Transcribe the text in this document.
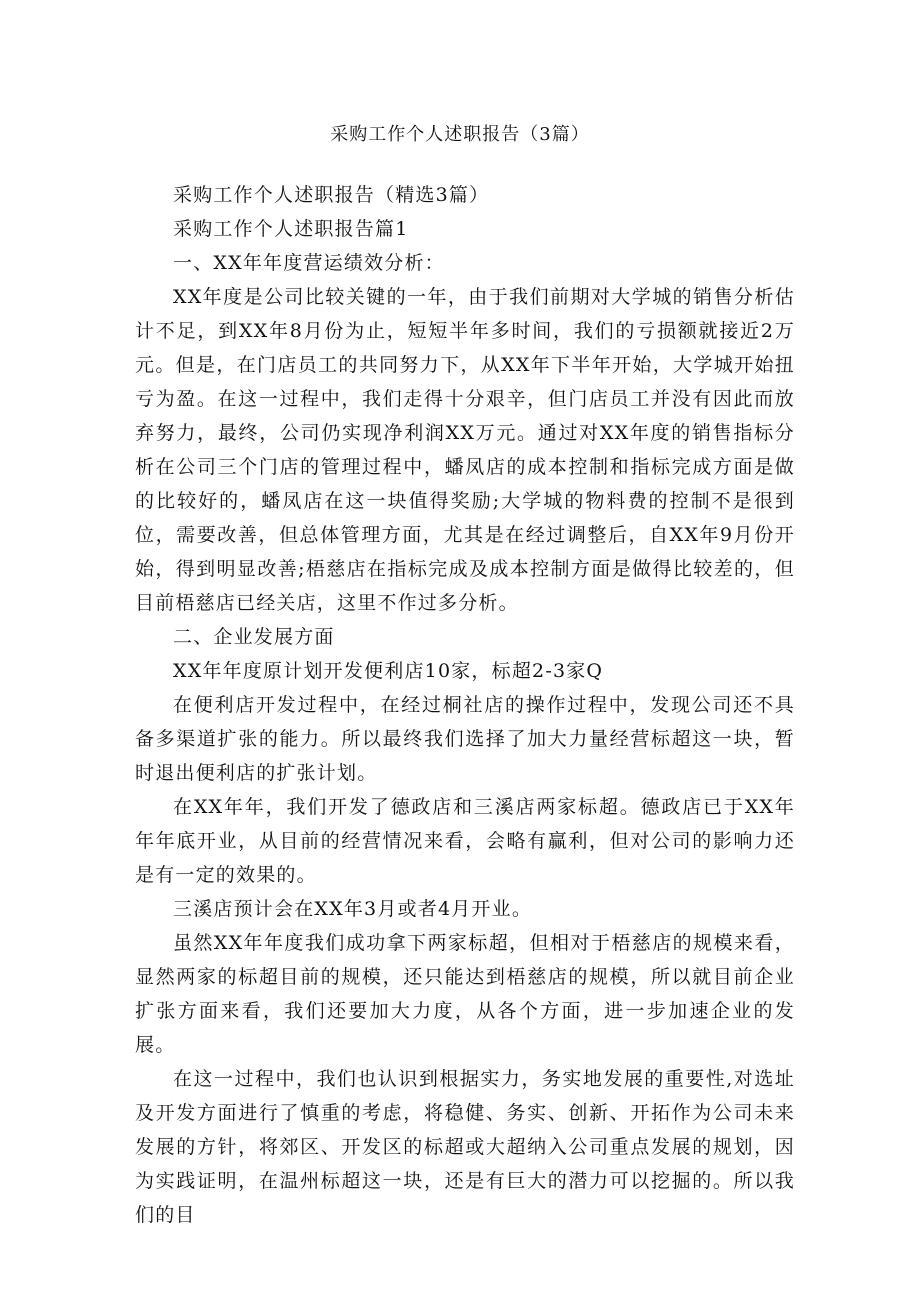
采购工作个人述职报告（3篇）

采购工作个人述职报告（精选3篇）

采购工作个人述职报告篇1

一、XX年年度营运绩效分析：

XX年度是公司比较关键的一年，由于我们前期对大学城的销售分析估计不足，到XX年8月份为止，短短半年多时间，我们的亏损额就接近2万元。但是，在门店员工的共同努力下，从XX年下半年开始，大学城开始扭亏为盈。在这一过程中，我们走得十分艰辛，但门店员工并没有因此而放弃努力，最终，公司仍实现净利润XX万元。通过对XX年度的销售指标分析在公司三个门店的管理过程中，蟠凤店的成本控制和指标完成方面是做的比较好的，蟠凤店在这一块值得奖励;大学城的物料费的控制不是很到位，需要改善，但总体管理方面，尤其是在经过调整后，自XX年9月份开始，得到明显改善;梧慈店在指标完成及成本控制方面是做得比较差的，但目前梧慈店已经关店，这里不作过多分析。

二、企业发展方面

XX年年度原计划开发便利店10家，标超2-3家Q

在便利店开发过程中，在经过桐社店的操作过程中，发现公司还不具备多渠道扩张的能力。所以最终我们选择了加大力量经营标超这一块，暂时退出便利店的扩张计划。

在XX年年，我们开发了德政店和三溪店两家标超。德政店已于XX年年年底开业，从目前的经营情况来看，会略有赢利，但对公司的影响力还是有一定的效果的。

三溪店预计会在XX年3月或者4月开业。

虽然XX年年度我们成功拿下两家标超，但相对于梧慈店的规模来看，显然两家的标超目前的规模，还只能达到梧慈店的规模，所以就目前企业扩张方面来看，我们还要加大力度，从各个方面，进一步加速企业的发展。

在这一过程中，我们也认识到根据实力，务实地发展的重要性,对选址及开发方面进行了慎重的考虑，将稳健、务实、创新、开拓作为公司未来发展的方针，将郊区、开发区的标超或大超纳入公司重点发展的规划，因为实践证明，在温州标超这一块，还是有巨大的潜力可以挖掘的。所以我们的目
